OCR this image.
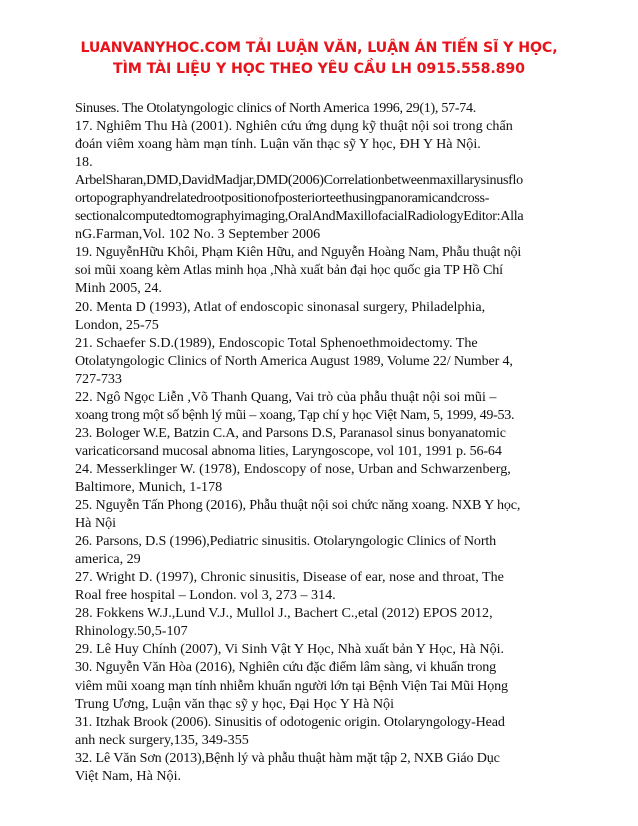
LUANVANYHOC.COM TẢI LUẬN VĂN, LUẬN ÁN TIẾN SĨ Y HỌC,
TÌM TÀI LIỆU Y HỌC THEO YÊU CẦU LH 0915.558.890

Sinuses. The Otolatyngologic clinics of North America 1996, 29(1), 57-74.

17. Nghiêm Thu Hà (2001). Nghiên cứu ứng dụng kỹ thuật nội soi trong chẩn
đoán viêm xoang hàm mạn tính. Luận văn thạc sỹ Y học, ĐH Y Hà Nội.

18.
ArbelSharan,DMD,DavidMadjar,DMD(2006)Correlationbetweenmaxillarysinusflo
ortopographyandrelatedrootpositionofposteriorteethusingpanoramicandcross-
sectionalcomputedtomographyimaging,OralAndMaxillofacialRadiologyEditor:Alla
nG.Farman,Vol. 102 No. 3 September 2006

19. NguyễnHữu Khôi, Phạm Kiên Hữu, and Nguyễn Hoàng Nam, Phẫu thuật nội
soi mũi xoang kèm Atlas minh họa ,Nhà xuất bản đại học quốc gia TP Hồ Chí
Minh 2005, 24.

20. Menta D (1993), Atlat of endoscopic sinonasal surgery, Philadelphia,
London, 25-75

21. Schaefer S.D.(1989), Endoscopic Total Sphenoethmoidectomy. The
Otolatyngologic Clinics of North America August 1989, Volume 22/ Number 4,
727-733

22. Ngô Ngọc Liễn ,Võ Thanh Quang, Vai trò của phẫu thuật nội soi mũi –
xoang trong một số bệnh lý mũi – xoang, Tạp chí y học Việt Nam, 5, 1999, 49-53.

23. Bologer W.E, Batzin C.A, and Parsons D.S, Paranasol sinus bonyanatomic
varicaticorsand mucosal abnoma lities, Laryngoscope, vol 101, 1991 p. 56-64

24. Messerklinger W. (1978), Endoscopy of nose, Urban and Schwarzenberg,
Baltimore, Munich, 1-178

25. Nguyễn Tấn Phong (2016), Phẫu thuật nội soi chức năng xoang. NXB Y học,
Hà Nội

26. Parsons, D.S (1996),Pediatric sinusitis. Otolaryngologic Clinics of North
america, 29

27. Wright D. (1997), Chronic sinusitis, Disease of ear, nose and throat, The
Roal free hospital – London. vol 3, 273 – 314.

28. Fokkens W.J.,Lund V.J., Mullol J., Bachert C.,etal (2012) EPOS 2012,
Rhinology.50,5-107

29. Lê Huy Chính (2007), Vi Sinh Vật Y Học, Nhà xuất bản Y Học, Hà Nội.

30. Nguyễn Văn Hòa (2016), Nghiên cứu đặc điểm lâm sàng, vi khuẩn trong
viêm mũi xoang mạn tính nhiễm khuẩn người lớn tại Bệnh Viện Tai Mũi Họng
Trung Ương, Luận văn thạc sỹ y học, Đại Học Y Hà Nội

31. Itzhak Brook (2006). Sinusitis of odotogenic origin. Otolaryngology-Head
anh neck surgery,135, 349-355

32. Lê Văn Sơn (2013),Bệnh lý và phẫu thuật hàm mặt tập 2, NXB Giáo Dục
Việt Nam, Hà Nội.
